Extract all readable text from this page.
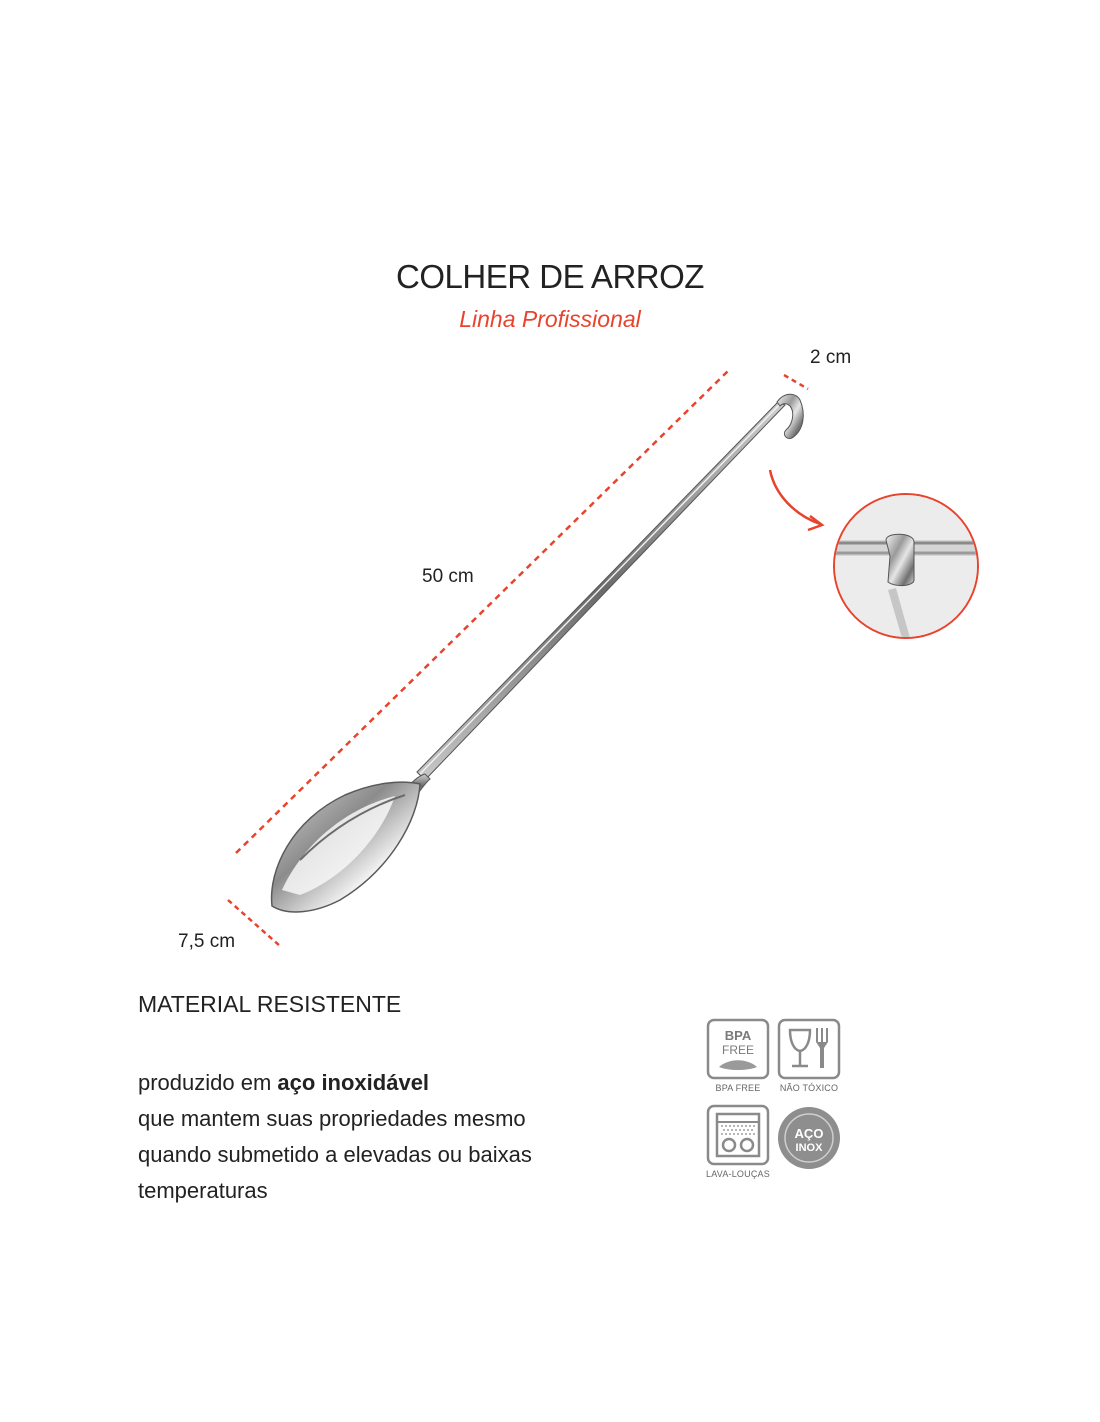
COLHER DE ARROZ
Linha Profissional
50 cm
2 cm
7,5 cm
MATERIAL RESISTENTE
produzido em aço inoxidável
que mantem suas propriedades mesmo
quando submetido a elevadas ou baixas
temperaturas
BPA
FREE
BPA FREE	NÃO TÓXICO
LAVA-LOUÇAS
AÇO
INOX
